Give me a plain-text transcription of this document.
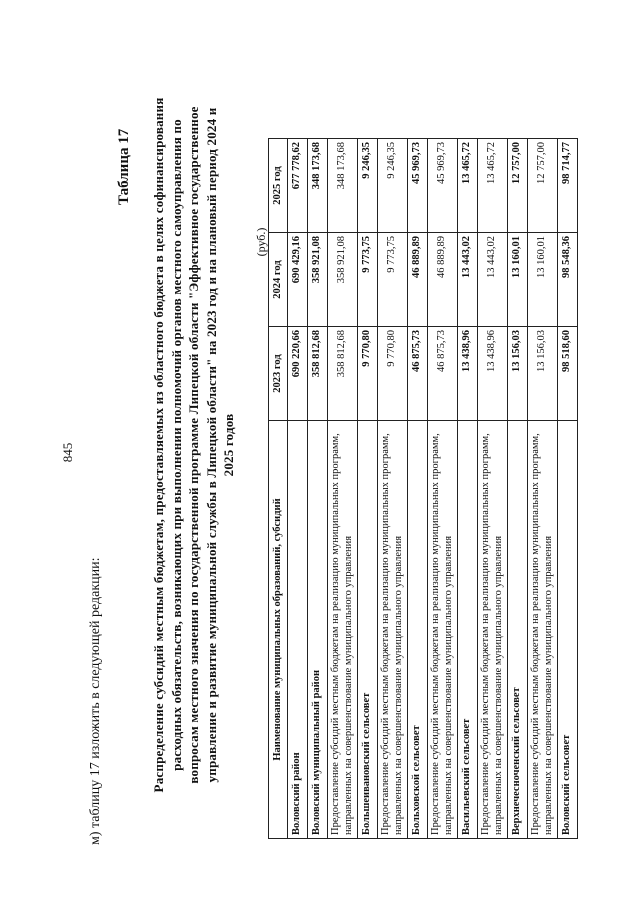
845
м) таблицу 17 изложить в следующей редакции:
Таблица 17 Распределение субсидий местным бюджетам, предоставляемых из областного бюджета в целях софинансирования расходных обязательств, возникающих при выполнении полномочий органов местного самоуправления по вопросам местного значения по государственной программе Липецкой области "Эффективное государственное управление и развитие муниципальной службы в Липецкой области" на 2023 год и на плановый период 2024 и 2025 годов
(руб.)
Наименование муниципальных образований, субсидий	2023 год	2024 год	2025 год
Воловский район	690 220,66	690 429,16	677 778,62
Воловский муниципальный район	358 812,68	358 921,08	348 173,68
Предоставление субсидий местным бюджетам на реализацию муниципальных программ, направленных на совершенствование муниципального управления	358 812,68	358 921,08	348 173,68
Большеивановский сельсовет	9 770,80	9 773,75	9 246,35
Предоставление субсидий местным бюджетам на реализацию муниципальных программ, направленных на совершенствование муниципального управления	9 770,80	9 773,75	9 246,35
Больховской сельсовет	46 875,73	46 889,89	45 969,73
Предоставление субсидий местным бюджетам на реализацию муниципальных программ, направленных на совершенствование муниципального управления	46 875,73	46 889,89	45 969,73
Васильевский сельсовет	13 438,96	13 443,02	13 465,72
Предоставление субсидий местным бюджетам на реализацию муниципальных программ, направленных на совершенствование муниципального управления	13 438,96	13 443,02	13 465,72
Верхнечесноченский сельсовет	13 156,03	13 160,01	12 757,00
Предоставление субсидий местным бюджетам на реализацию муниципальных программ, направленных на совершенствование муниципального управления	13 156,03	13 160,01	12 757,00
Воловский сельсовет	98 518,60	98 548,36	98 714,77
